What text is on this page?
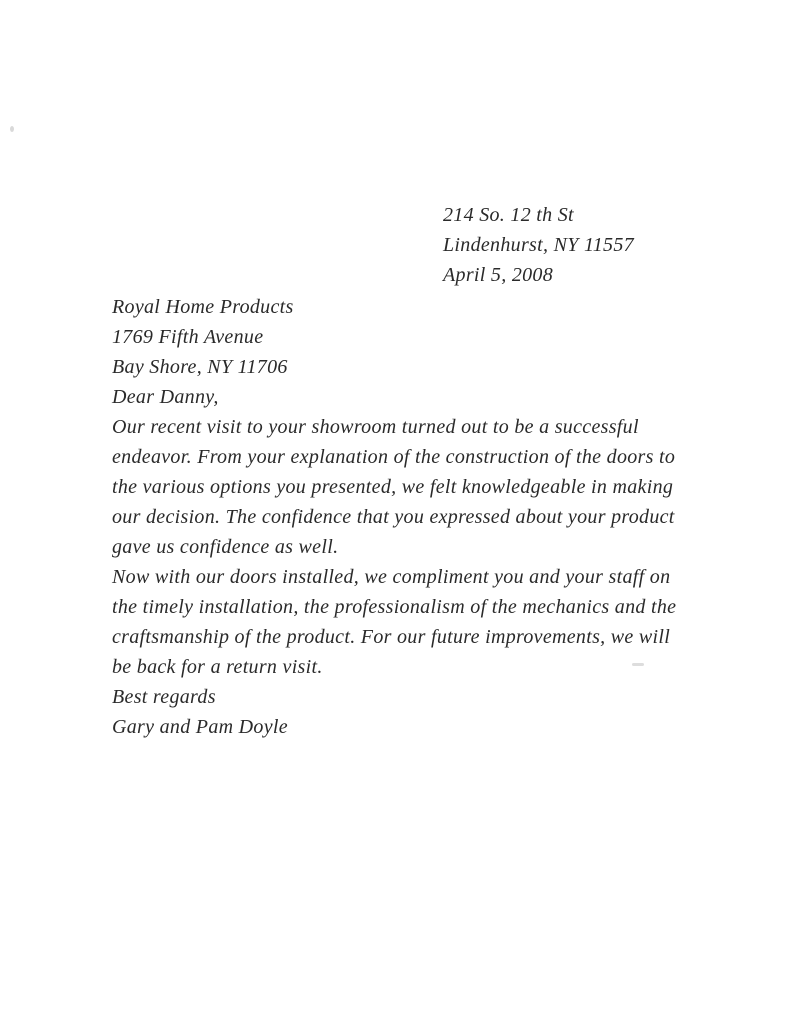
214 So. 12 th St
Lindenhurst, NY 11557
April 5, 2008
Royal Home Products
1769 Fifth Avenue
Bay Shore, NY 11706
Dear Danny,

Our recent visit to your showroom turned out to be a successful endeavor. From your explanation of the construction of the doors to the various options you presented, we felt knowledgeable in making our decision. The confidence that you expressed about your product gave us confidence as well.

Now with our doors installed, we compliment you and your staff on the timely installation, the professionalism of the mechanics and the craftsmanship of the product. For our future improvements, we will be back for a return visit.

Best regards
Gary and Pam Doyle
